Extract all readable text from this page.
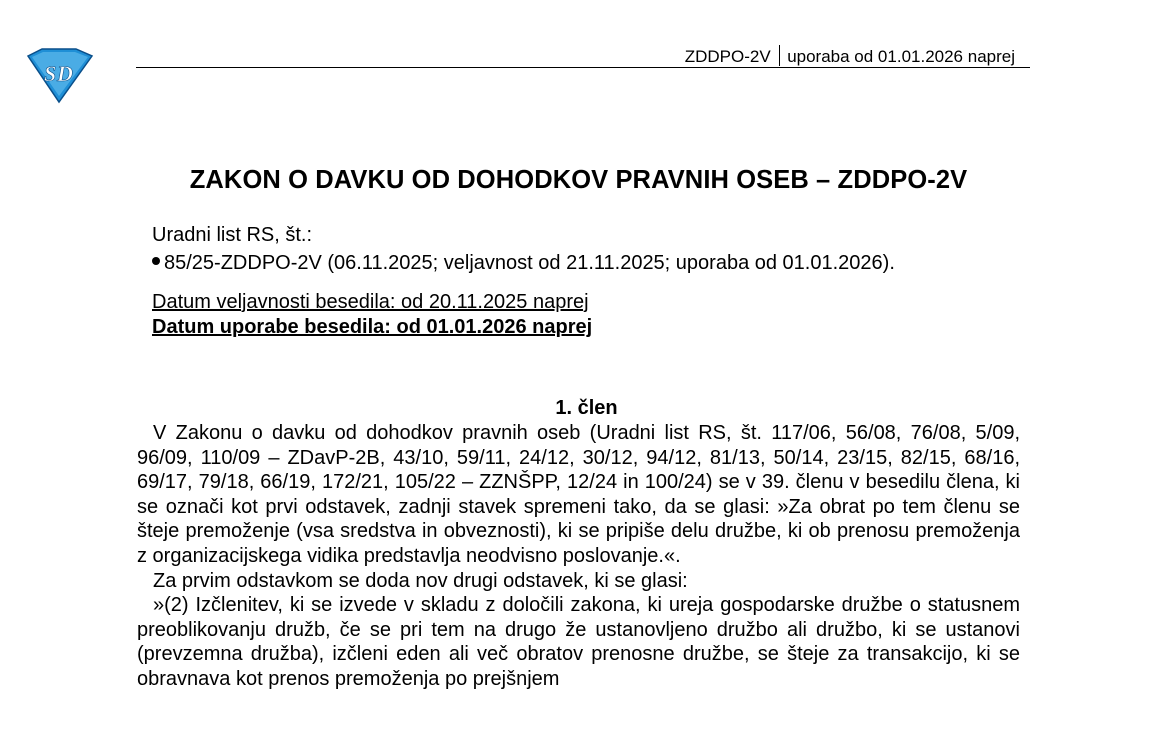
S D
ZDDPO-2V uporaba od 01.01.2026 naprej
ZAKON O DAVKU OD DOHODKOV PRAVNIH OSEB – ZDDPO-2V
Uradni list RS, št.:
85/25-ZDDPO-2V (06.11.2025; veljavnost od 21.11.2025; uporaba od 01.01.2026).
Datum veljavnosti besedila: od 20.11.2025 naprej
Datum uporabe besedila: od 01.01.2026 naprej
1. člen

V Zakonu o davku od dohodkov pravnih oseb (Uradni list RS, št. 117/06, 56/08, 76/08, 5/09, 96/09, 110/09 – ZDavP-2B, 43/10, 59/11, 24/12, 30/12, 94/12, 81/13, 50/14, 23/15, 82/15, 68/16, 69/17, 79/18, 66/19, 172/21, 105/22 – ZZNŠPP, 12/24 in 100/24) se v 39. členu v besedilu člena, ki se označi kot prvi odstavek, zadnji stavek spremeni tako, da se glasi: »Za obrat po tem členu se šteje premoženje (vsa sredstva in obveznosti), ki se pripiše delu družbe, ki ob prenosu premoženja z organizacijskega vidika predstavlja neodvisno poslovanje.«.

Za prvim odstavkom se doda nov drugi odstavek, ki se glasi:

»(2) Izčlenitev, ki se izvede v skladu z določili zakona, ki ureja gospodarske družbe o statusnem preoblikovanju družb, če se pri tem na drugo že ustanovljeno družbo ali družbo, ki se ustanovi (prevzemna družba), izčleni eden ali več obratov prenosne družbe, se šteje za transakcijo, ki se obravnava kot prenos premoženja po prejšnjem
